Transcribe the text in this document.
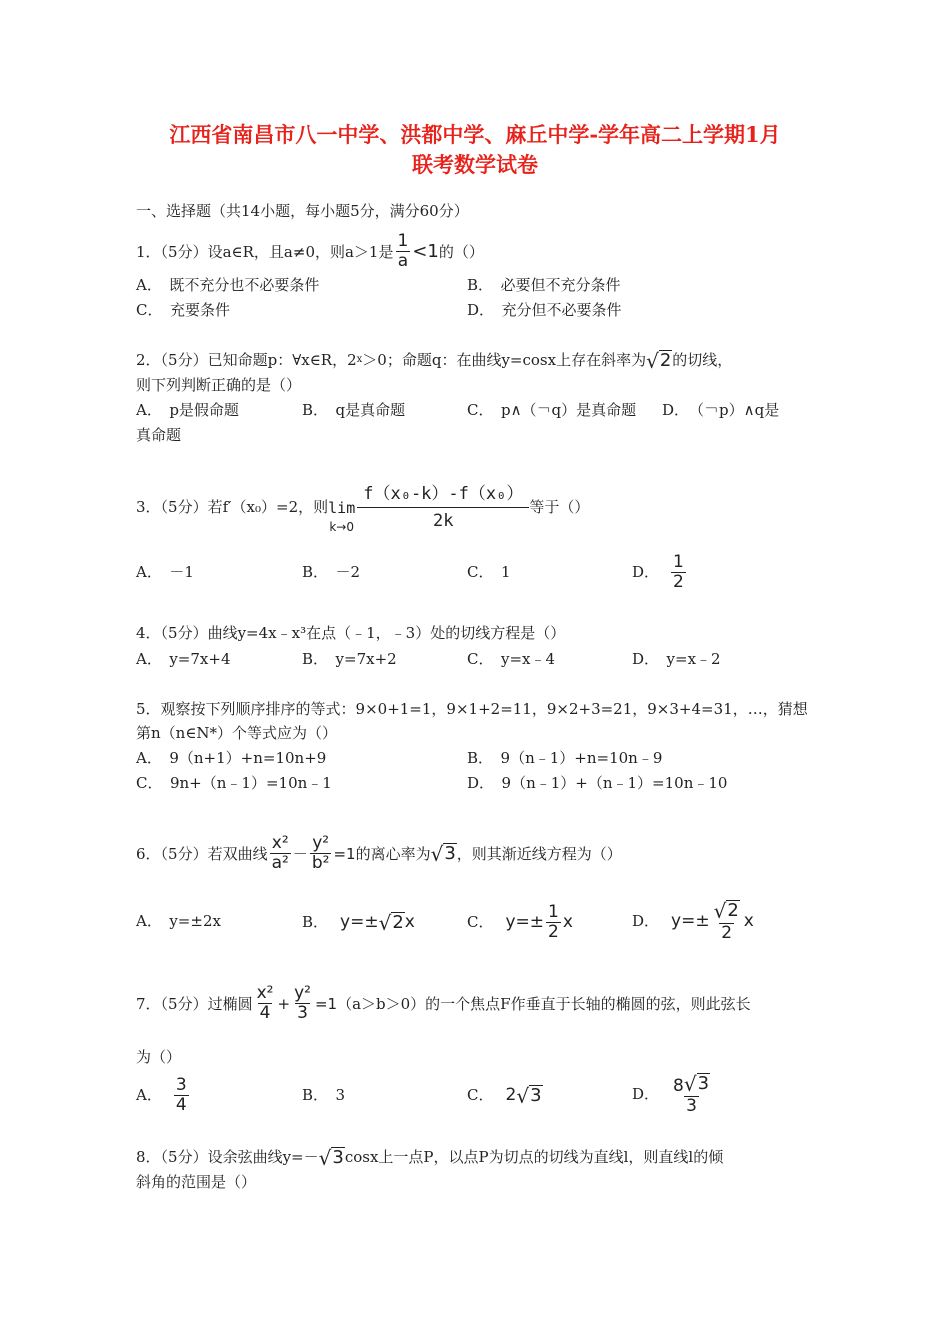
江西省南昌市八一中学、洪都中学、麻丘中学-学年高二上学期1月
联考数学试卷
一、选择题（共14小题，每小题5分，满分60分）
1．（5分）设a∈R，且a≠0，则a＞1是 $\frac{1}{a} <1$ 的（）
A．　既不充分也不必要条件	B．　必要但不充分条件
C．　充要条件	D．　充分但不必要条件
2．（5分）已知命题p：∀x∈R，2 x ＞0；命题q：在曲线y=cosx上存在斜率为 √ 2 的切线，
则下列判断正确的是（）
A．　p是假命题	B．　q是真命题	C．　p∧（￢q）是真命题 D．　（￢p）∧q是
真命题
3．（5分）若f′（x₀）=2，则 lim
$k\to 0 \frac{\text{f（x₀-k）-f（x₀）}}{2k}$ 等于（）
A．　－1	B．　－2	C．　1	D． $\frac{1}{2}$
4．（5分）曲线y=4x﹣x³在点（﹣1，﹣3）处的切线方程是（）
A．　y=7x+4	B．　y=7x+2	C．　y=x﹣4	D．　y=x﹣2
5．观察按下列顺序排序的等式：9×0+1=1，9×1+2=11，9×2+3=21，9×3+4=31，…，猜想
第n（n∈N*）个等式应为（）
A．　9（n+1）+n=10n+9	B．　9（n﹣1）+n=10n﹣9
C．　9n+（n﹣1）=10n﹣1	D．　9（n﹣1）+（n﹣1）=10n﹣10
6．（5分）若双曲线 $\frac{\text{x²}}{\text{a²}} - \frac{\text{y²}}{\text{b²}} =1$ 的离心率为 √ 3 ，则其渐近线方程为（）
A．　y=±2x	B． y=± √ 2 x	C． $y=\pm \frac{1}{2}$ x	D． $y=\pm \frac{√ 2}{2}$ x
7．（5分）过椭圆 $\frac{\text{x²}}{4} + \frac{\text{y²}}{3} =1$ （a＞b＞0）的一个焦点F作垂直于长轴的椭圆的弦，则此弦长
为（）
A． $\frac{3}{4}$	B．　3	C． 2 √ 3	D． $\frac{8 √ 3}{3}$
8．（5分）设余弦曲线y=－ √ 3 cosx上一点P，以点P为切点的切线为直线l，则直线l的倾
斜角的范围是（）
